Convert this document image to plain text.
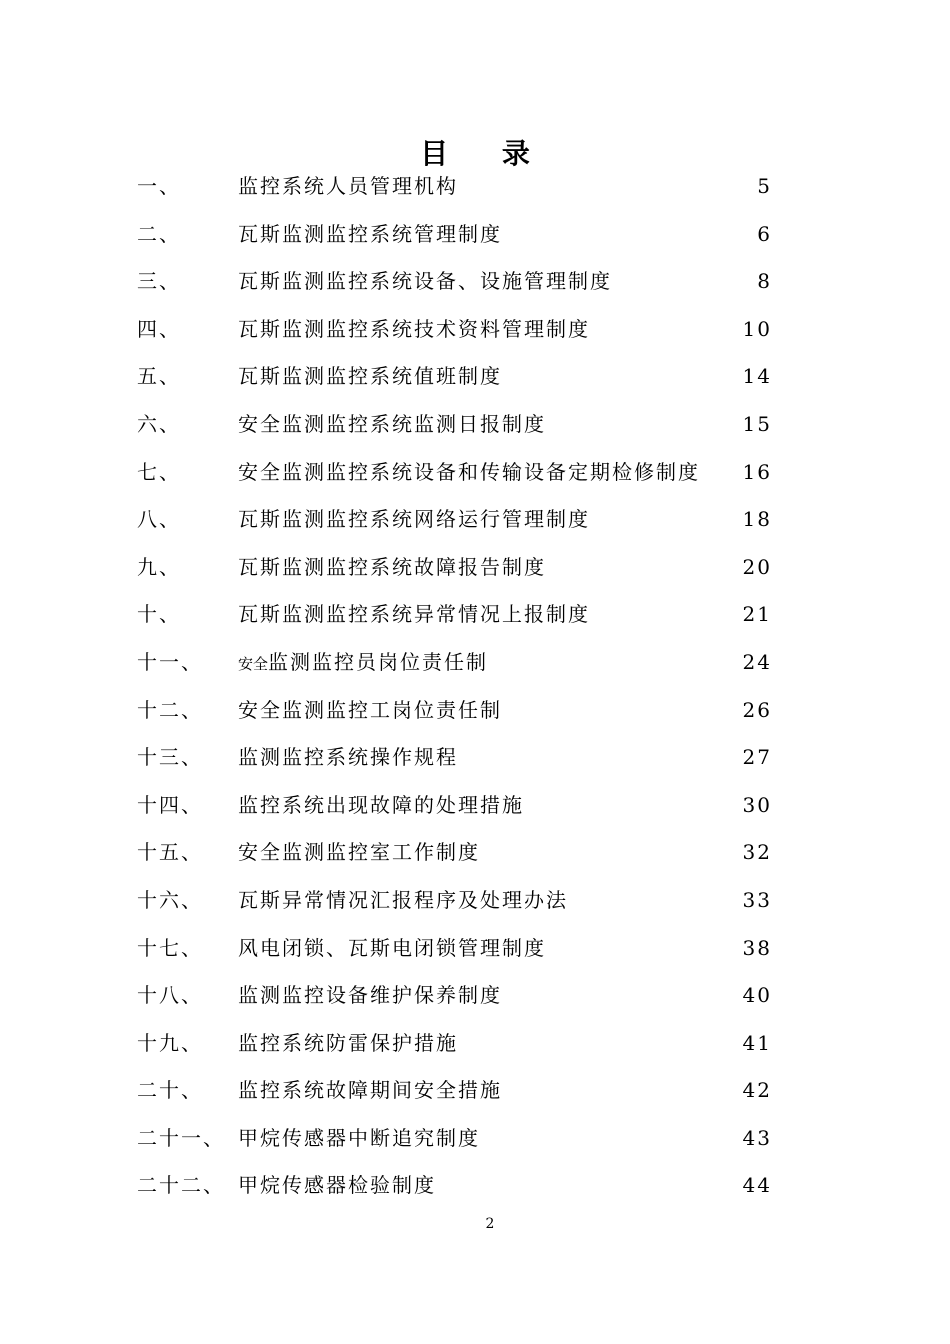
目 录
一、	监控系统人员管理机构	5
二、	瓦斯监测监控系统管理制度	6
三、	瓦斯监测监控系统设备、设施管理制度	8
四、	瓦斯监测监控系统技术资料管理制度	10
五、	瓦斯监测监控系统值班制度	14
六、	安全监测监控系统监测日报制度	15
七、	安全监测监控系统设备和传输设备定期检修制度 16
八、	瓦斯监测监控系统网络运行管理制度	18
九、	瓦斯监测监控系统故障报告制度	20
十、	瓦斯监测监控系统异常情况上报制度	21
十一、 安全监测监控员岗位责任制	24
十二、 安全监测监控工岗位责任制	26
十三、 监测监控系统操作规程	27
十四、 监控系统出现故障的处理措施	30
十五、 安全监测监控室工作制度	32
十六、 瓦斯异常情况汇报程序及处理办法	33
十七、 风电闭锁、瓦斯电闭锁管理制度	38
十八、 监测监控设备维护保养制度	40
十九、 监控系统防雷保护措施	41
二十、 监控系统故障期间安全措施	42
二十一、 甲烷传感器中断追究制度	43
二十二、 甲烷传感器检验制度	44
2
